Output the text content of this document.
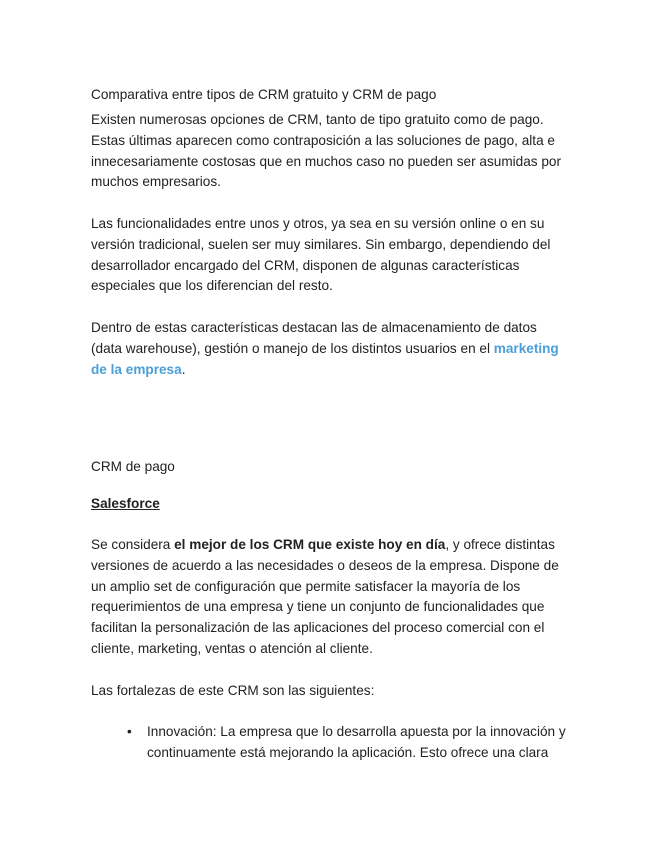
Comparativa entre tipos de CRM gratuito y CRM de pago
Existen numerosas opciones de CRM, tanto de tipo gratuito como de pago. Estas últimas aparecen como contraposición a las soluciones de pago, alta e innecesariamente costosas que en muchos caso no pueden ser asumidas por muchos empresarios.
Las funcionalidades entre unos y otros, ya sea en su versión online o en su versión tradicional, suelen ser muy similares. Sin embargo, dependiendo del desarrollador encargado del CRM, disponen de algunas características especiales que los diferencian del resto.
Dentro de estas características destacan las de almacenamiento de datos (data warehouse), gestión o manejo de los distintos usuarios en el marketing de la empresa.
CRM de pago
Salesforce
Se considera el mejor de los CRM que existe hoy en día, y ofrece distintas versiones de acuerdo a las necesidades o deseos de la empresa. Dispone de un amplio set de configuración que permite satisfacer la mayoría de los requerimientos de una empresa y tiene un conjunto de funcionalidades que facilitan la personalización de las aplicaciones del proceso comercial con el cliente, marketing, ventas o atención al cliente.
Las fortalezas de este CRM son las siguientes:
• Innovación: La empresa que lo desarrolla apuesta por la innovación y continuamente está mejorando la aplicación. Esto ofrece una clara
